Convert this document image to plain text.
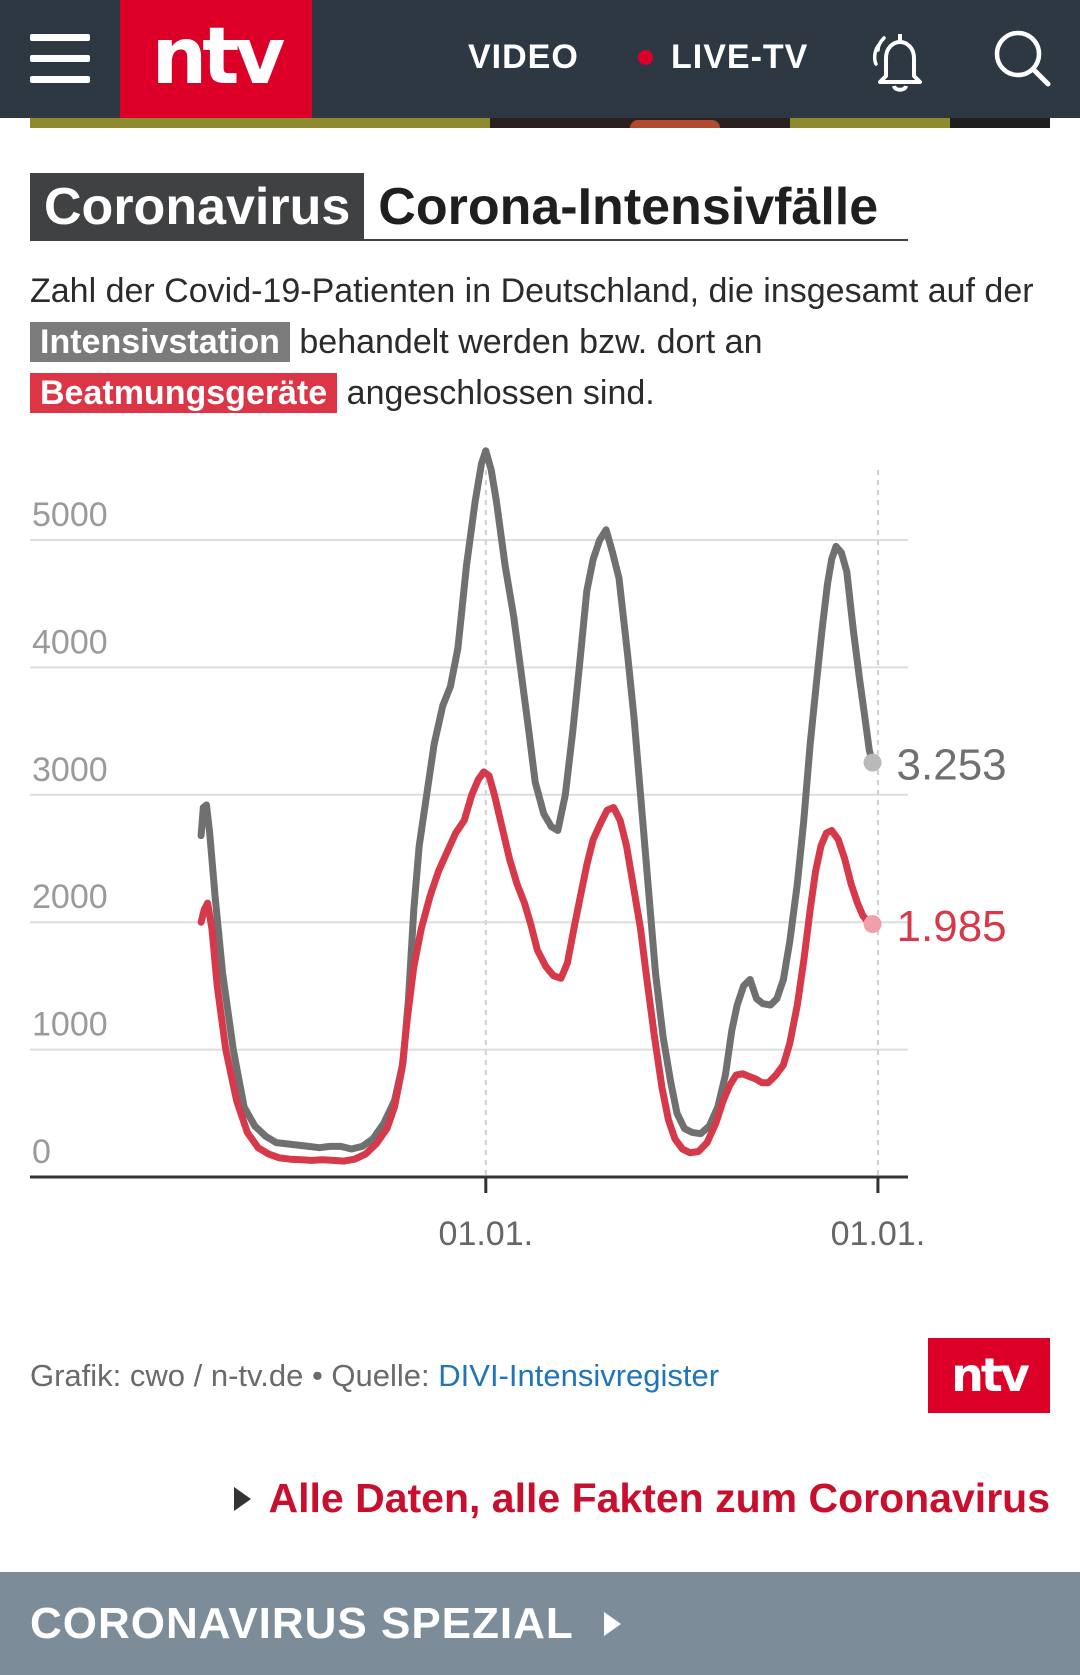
ntv	VIDEO	LIVE-TV
Coronavirus Corona-Intensivfälle
Zahl der Covid-19-Patienten in Deutschland, die insgesamt auf der Intensivstation behandelt werden bzw. dort an Beatmungsgeräte angeschlossen sind.
0
1000
2000
3000
4000
5000
01.01.	01.01.
3.253
1.985
Grafik: cwo / n-tv.de • Quelle: DIVI-Intensivregister	ntv
Alle Daten, alle Fakten zum Coronavirus
CORONAVIRUS SPEZIAL
